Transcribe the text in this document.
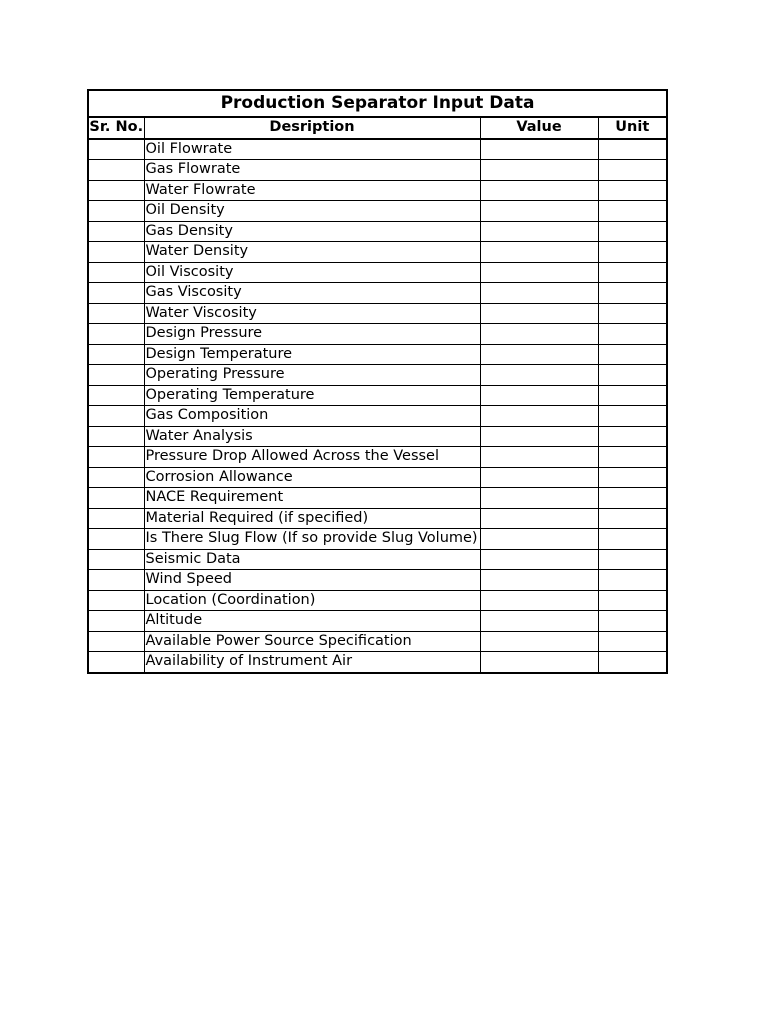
Production Separator Input Data			
Sr. No.	Desription	Value	Unit
	Oil Flowrate		
	Gas Flowrate		
	Water Flowrate		
	Oil Density		
	Gas Density		
	Water Density		
	Oil Viscosity		
	Gas Viscosity		
	Water Viscosity		
	Design Pressure		
	Design Temperature		
	Operating Pressure		
	Operating Temperature		
	Gas Composition		
	Water Analysis		
	Pressure Drop Allowed Across the Vessel		
	Corrosion Allowance		
	NACE Requirement		
	Material Required (if specified)		
	Is There Slug Flow (If so provide Slug Volume)		
	Seismic Data		
	Wind Speed		
	Location (Coordination)		
	Altitude		
	Available Power Source Specification		
	Availability of Instrument Air		
